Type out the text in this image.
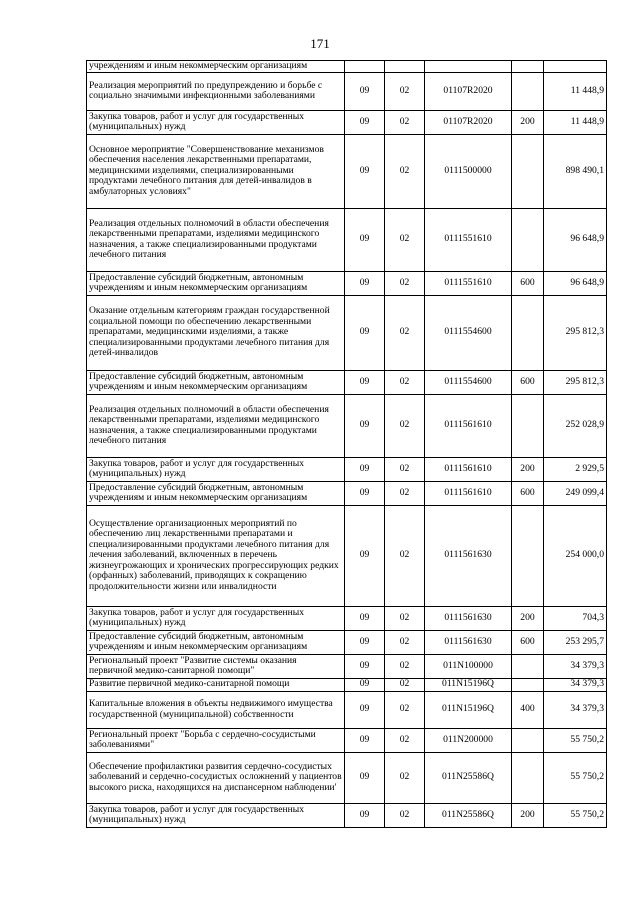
171
учреждениям и иным некоммерческим организациям					
Реализация мероприятий по предупреждению и борьбе с социально значимыми инфекционными заболеваниями	09	02	01107R2020		11 448,9
Закупка товаров, работ и услуг для государственных (муниципальных) нужд	09	02	01107R2020	200	11 448,9
Основное мероприятие "Совершенствование механизмов обеспечения населения лекарственными препаратами, медицинскими изделиями, специализированными продуктами лечебного питания для детей-инвалидов в амбулаторных условиях"	09	02	0111500000		898 490,1
Реализация отдельных полномочий в области обеспечения лекарственными препаратами, изделиями медицинского назначения, а также специализированными продуктами лечебного питания	09	02	0111551610		96 648,9
Предоставление субсидий бюджетным, автономным учреждениям и иным некоммерческим организациям	09	02	0111551610	600	96 648,9
Оказание отдельным категориям граждан государственной социальной помощи по обеспечению лекарственными препаратами, медицинскими изделиями, а также специализированными продуктами лечебного питания для детей-инвалидов	09	02	0111554600		295 812,3
Предоставление субсидий бюджетным, автономным учреждениям и иным некоммерческим организациям	09	02	0111554600	600	295 812,3
Реализация отдельных полномочий в области обеспечения лекарственными препаратами, изделиями медицинского назначения, а также специализированными продуктами лечебного питания	09	02	0111561610		252 028,9
Закупка товаров, работ и услуг для государственных (муниципальных) нужд	09	02	0111561610	200	2 929,5
Предоставление субсидий бюджетным, автономным учреждениям и иным некоммерческим организациям	09	02	0111561610	600	249 099,4
Осуществление организационных мероприятий по обеспечению лиц лекарственными препаратами и специализированными продуктами лечебного питания для лечения заболеваний, включенных в перечень жизнеугрожающих и хронических прогрессирующих редких (орфанных) заболеваний, приводящих к сокращению продолжительности жизни или инвалидности	09	02	0111561630		254 000,0
Закупка товаров, работ и услуг для государственных (муниципальных) нужд	09	02	0111561630	200	704,3
Предоставление субсидий бюджетным, автономным учреждениям и иным некоммерческим организациям	09	02	0111561630	600	253 295,7
Региональный проект "Развитие системы оказания первичной медико-санитарной помощи"	09	02	011N100000		34 379,3
Развитие первичной медико-санитарной помощи	09	02	011N15196Q		34 379,3
Капитальные вложения в объекты недвижимого имущества государственной (муниципальной) собственности	09	02	011N15196Q	400	34 379,3
Региональный проект "Борьба с сердечно-сосудистыми заболеваниями"	09	02	011N200000		55 750,2
Обеспечение профилактики развития сердечно-сосудистых заболеваний и сердечно-сосудистых осложнений у пациентов высокого риска, находящихся на диспансерном наблюдении'	09	02	011N25586Q		55 750,2
Закупка товаров, работ и услуг для государственных (муниципальных) нужд	09	02	011N25586Q	200	55 750,2
